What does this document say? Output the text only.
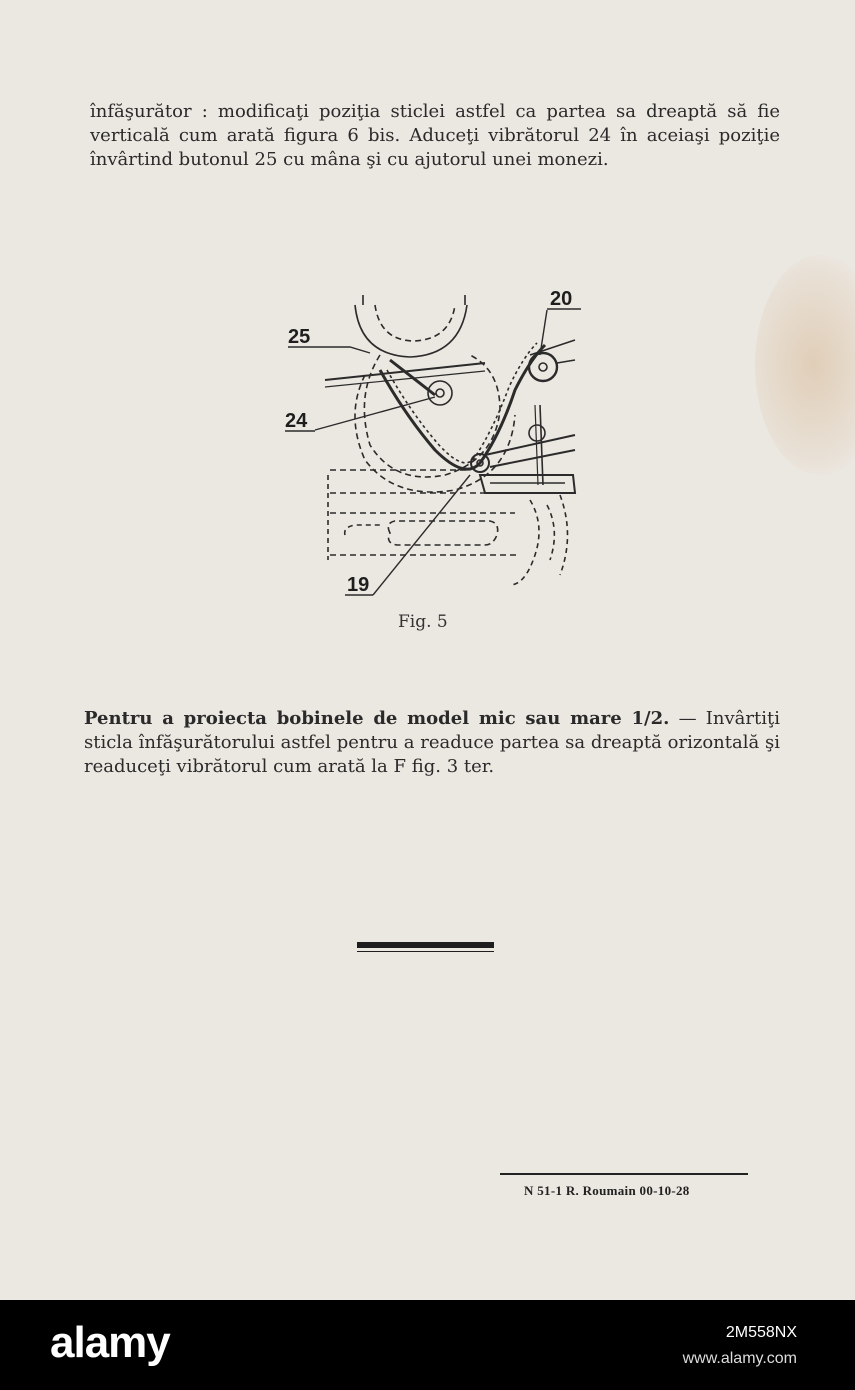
înfăşurător : modificaţi poziţia sticlei astfel ca partea sa dreaptă să fie verticală cum arată figura 6 bis. Aduceţi vibrătorul 24 în aceiaşi poziţie învârtind butonul 25 cu mâna şi cu ajutorul unei monezi.

25
24
20
19
Fig. 5

Pentru a proiecta bobinele de model mic sau mare 1/2. — Invârtiţi sticla înfăşurătorului astfel pentru a readuce partea sa dreaptă orizontală şi readuceţi vibrătorul cum arată la F fig. 3 ter.

N 51-1 R. Roumain 00-10-28
alamy	2M558NX
www.alamy.com
